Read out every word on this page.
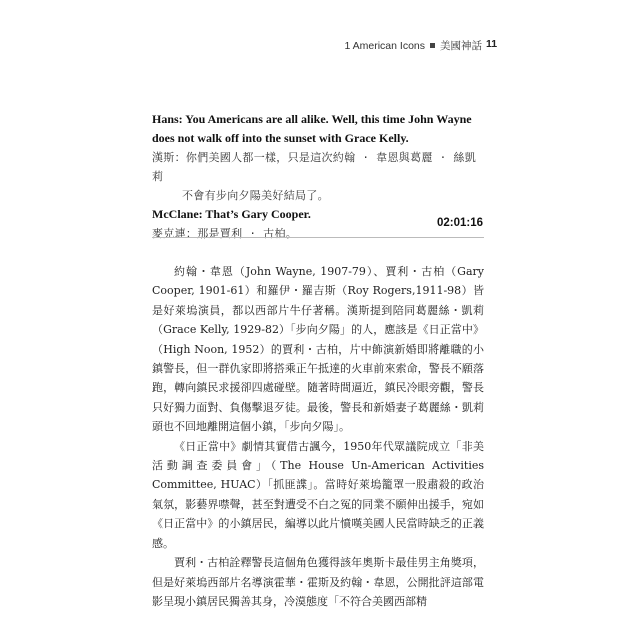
1 American Icons 美國神話 11
Hans: You Americans are all alike. Well, this time John Wayne does not walk off into the sunset with Grace Kelly.
漢斯：你們美國人都一樣，只是這次約翰 · 韋恩與葛麗 · 絲凱莉
不會有步向夕陽美好結局了。
McClane: That’s Gary Cooper.
麥克連：那是賈利 · 古柏。
02:01:16

約翰・韋恩（John Wayne, 1907-79）、賈利・古柏（Gary Cooper, 1901-61）和羅伊・羅吉斯（Roy Rogers,1911-98）皆是好萊塢演員，都以西部片牛仔著稱。漢斯提到陪同葛麗絲・凱莉（Grace Kelly, 1929-82）「步向夕陽」的人，應該是《日正當中》（High Noon, 1952）的賈利・古柏，片中飾演新婚即將離職的小鎮警長，但一群仇家即將搭乘正午抵達的火車前來索命，警長不願落跑，轉向鎮民求援卻四處碰壁。隨著時間逼近，鎮民冷眼旁觀，警長只好獨力面對、負傷擊退歹徒。最後，警長和新婚妻子葛麗絲・凱莉頭也不回地離開這個小鎮，「步向夕陽」。

《日正當中》劇情其實借古諷今，1950年代眾議院成立「非美活動調查委員會」（The House Un-American Activities Committee, HUAC）「抓匪諜」。當時好萊塢籠罩一股肅殺的政治氣氛，影藝界噤聲，甚至對遭受不白之冤的同業不願伸出援手，宛如《日正當中》的小鎮居民，編導以此片憤嘆美國人民當時缺乏的正義感。

賈利・古柏詮釋警長這個角色獲得該年奧斯卡最佳男主角獎項，但是好萊塢西部片名導演霍華・霍斯及約翰・韋恩，公開批評這部電影呈現小鎮居民獨善其身，冷漠態度「不符合美國西部精
